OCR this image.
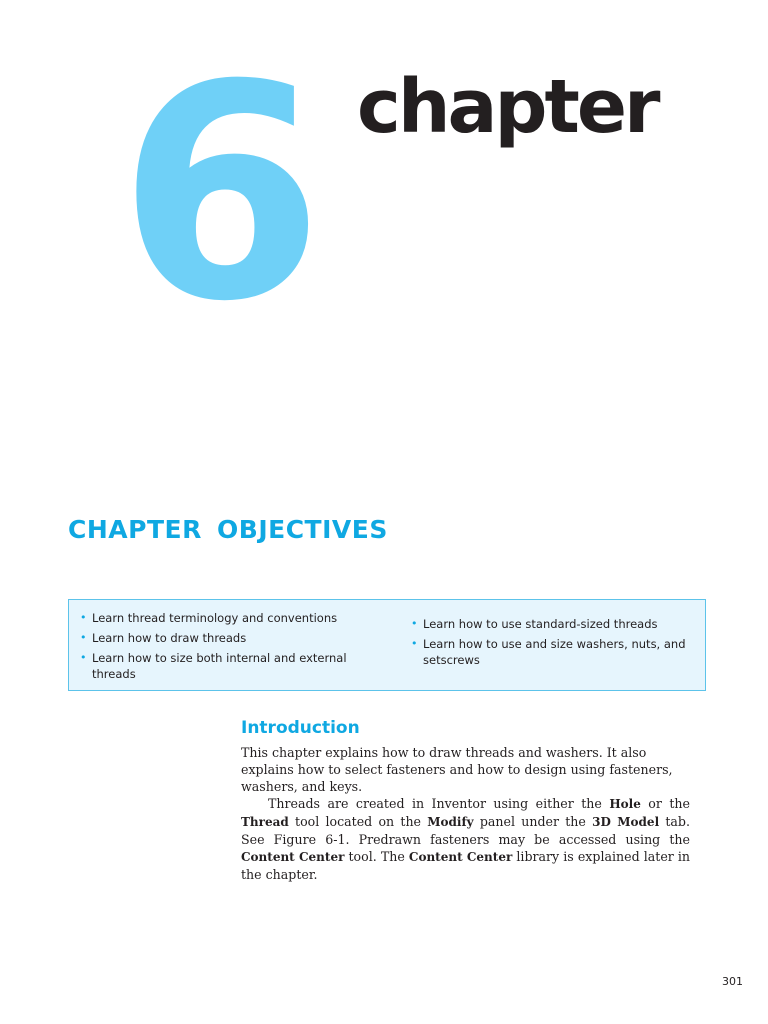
6 chapter
CHAPTER OBJECTIVES
• Learn thread terminology and conventions
• Learn how to draw threads
• Learn how to size both internal and external threads
• Learn how to use standard-sized threads
• Learn how to use and size washers, nuts, and setscrews
Introduction

This chapter explains how to draw threads and washers. It also explains how to select fasteners and how to design using fasteners, washers, and keys.

Threads are created in Inventor using either the Hole or the Thread tool located on the Modify panel under the 3D Model tab. See Figure 6-1. Predrawn fasteners may be accessed using the Content Center tool. The Content Center library is explained later in the chapter.

301
